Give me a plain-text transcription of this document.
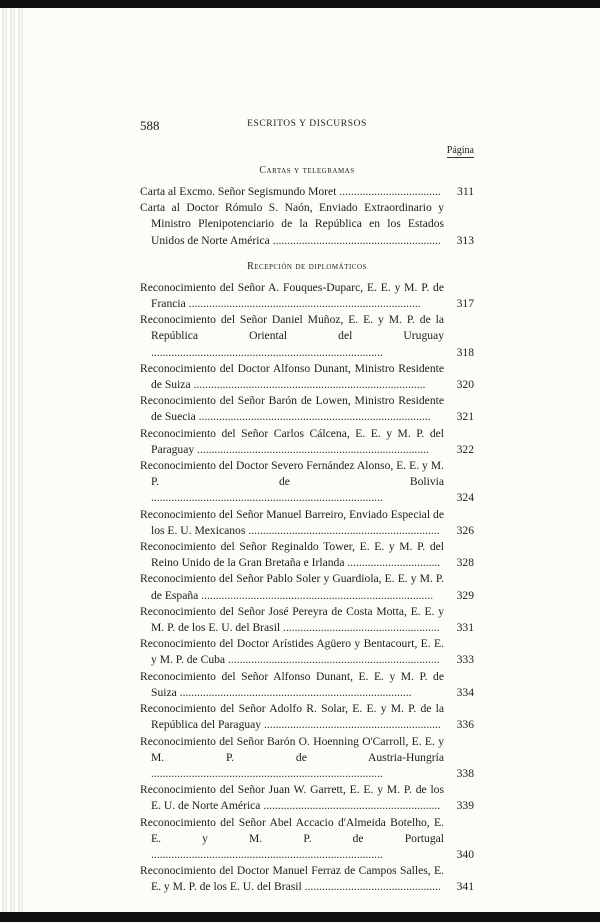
588	ESCRITOS Y DISCURSOS
Página
Cartas y telegramas
Carta al Excmo. Señor Segismundo Moret ...................................	311
Carta al Doctor Rómulo S. Naón, Enviado Extraordinario y Ministro Plenipotenciario de la República en los Estados Unidos de Norte América ..........................................................	313
Recepción de diplomáticos
Reconocimiento del Señor A. Fouques-Duparc, E. E. y M. P. de Francia ................................................................................	317
Reconocimiento del Señor Daniel Muñoz, E. E. y M. P. de la República Oriental del Uruguay ................................................................................	318
Reconocimiento del Doctor Alfonso Dunant, Ministro Residente de Suiza ................................................................................	320
Reconocimiento del Señor Barón de Lowen, Ministro Residente de Suecia ................................................................................	321
Reconocimiento del Señor Carlos Cálcena, E. E. y M. P. del Paraguay ................................................................................	322
Reconocimiento del Doctor Severo Fernández Alonso, E. E. y M. P. de Bolivia ................................................................................	324
Reconocimiento del Señor Manuel Barreiro, Enviado Especial de los E. U. Mexicanos ..................................................................	326
Reconocimiento del Señor Reginaldo Tower, E. E. y M. P. del Reino Unido de la Gran Bretaña e Irlanda ................................	328
Reconocimiento del Señor Pablo Soler y Guardiola, E. E. y M. P. de España ................................................................................	329
Reconocimiento del Señor José Pereyra de Costa Motta, E. E. y M. P. de los E. U. del Brasil ......................................................	331
Reconocimiento del Doctor Arístides Agüero y Bentacourt, E. E. y M. P. de Cuba .........................................................................	333
Reconocimiento del Señor Alfonso Dunant, E. E. y M. P. de Suiza ................................................................................	334
Reconocimiento del Señor Adolfo R. Solar, E. E. y M. P. de la República del Paraguay .............................................................	336
Reconocimiento del Señor Barón O. Hoenning O'Carroll, E. E. y M. P. de Austria-Hungría ................................................................................	338
Reconocimiento del Señor Juan W. Garrett, E. E. y M. P. de los E. U. de Norte América .............................................................	339
Reconocimiento del Señor Abel Accacio d'Almeida Botelho, E. E. y M. P. de Portugal ................................................................................	340
Reconocimiento del Doctor Manuel Ferraz de Campos Salles, E. E. y M. P. de los E. U. del Brasil ...............................................	341
